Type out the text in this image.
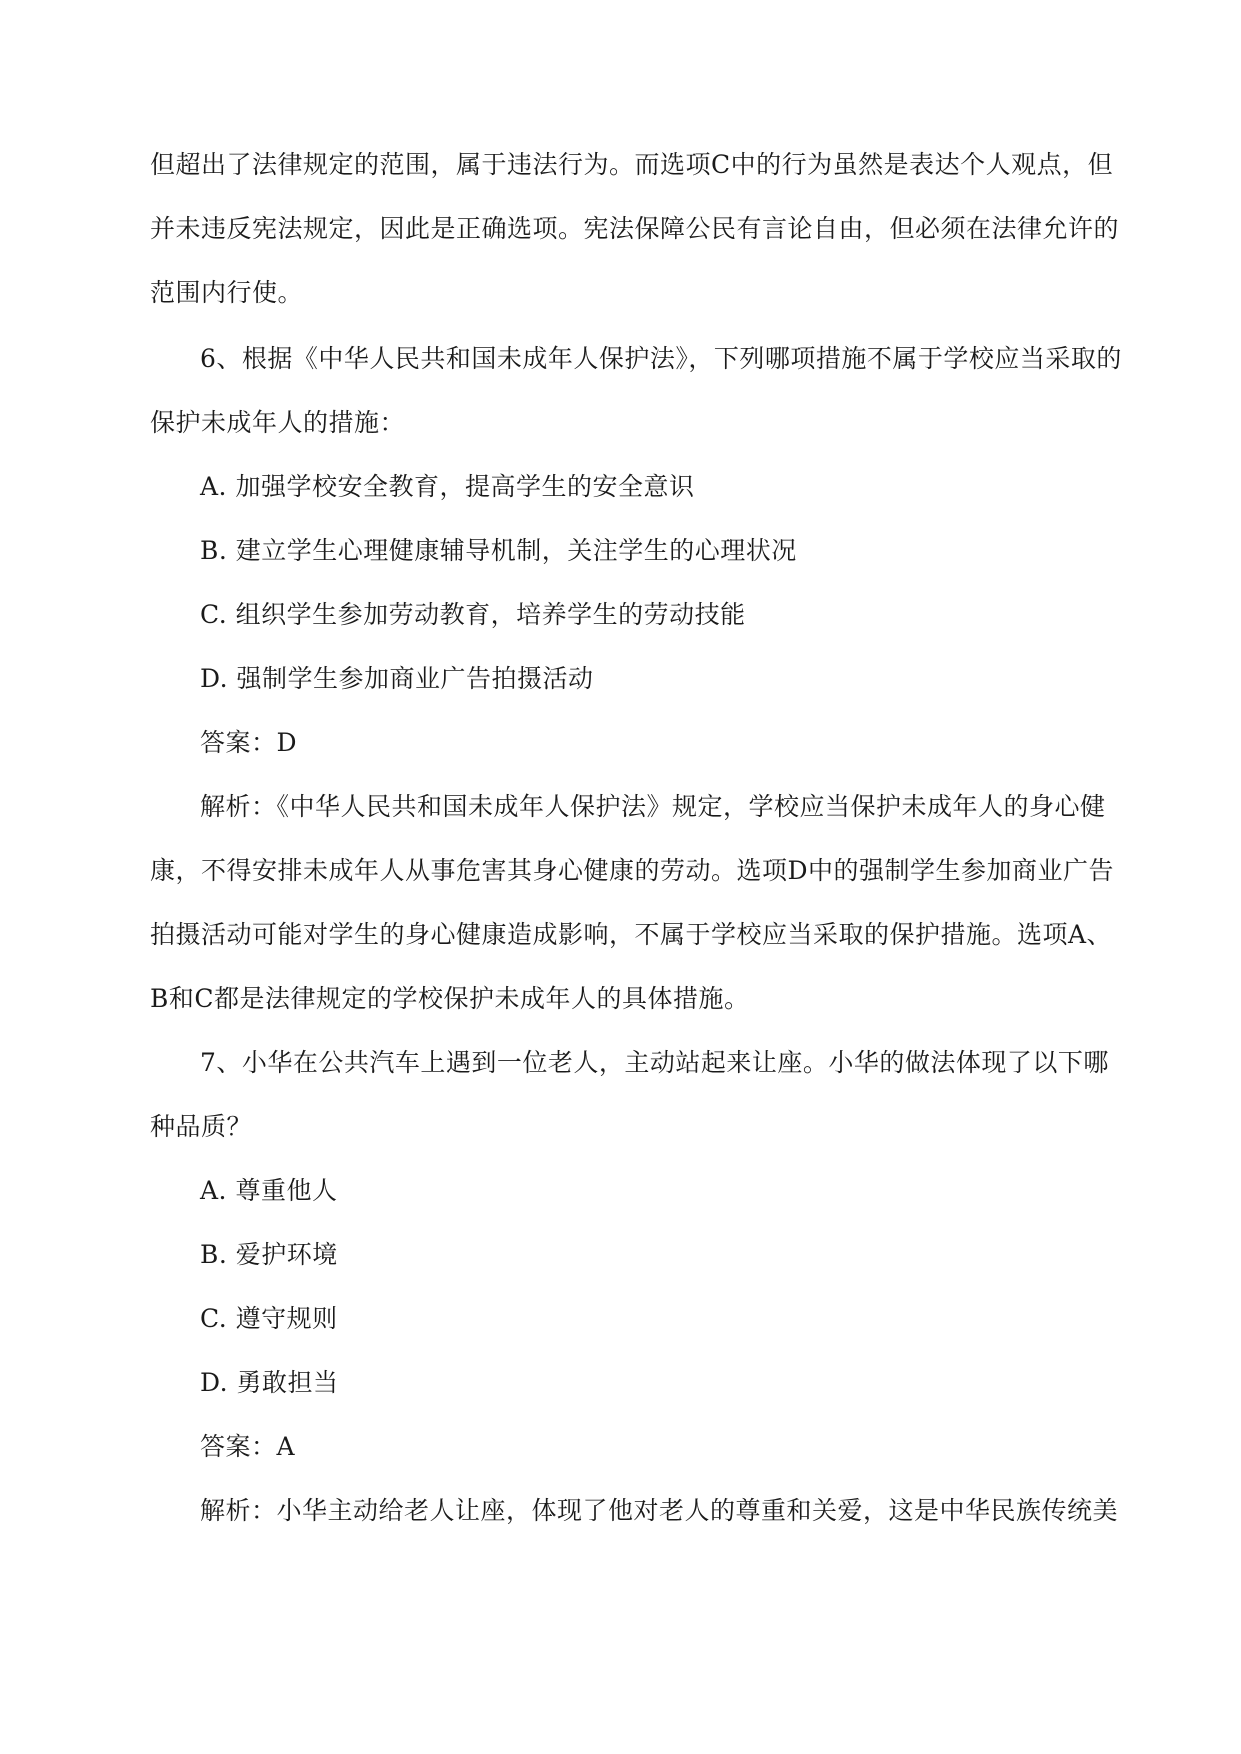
但超出了法律规定的范围，属于违法行为。而选项C中的行为虽然是表达个人观点，但
并未违反宪法规定，因此是正确选项。宪法保障公民有言论自由，但必须在法律允许的
范围内行使。
6、根据《中华人民共和国未成年人保护法》，下列哪项措施不属于学校应当采取的
保护未成年人的措施：
A. 加强学校安全教育，提高学生的安全意识
B. 建立学生心理健康辅导机制，关注学生的心理状况
C. 组织学生参加劳动教育，培养学生的劳动技能
D. 强制学生参加商业广告拍摄活动
答案：D
解析：《中华人民共和国未成年人保护法》规定，学校应当保护未成年人的身心健
康，不得安排未成年人从事危害其身心健康的劳动。选项D中的强制学生参加商业广告
拍摄活动可能对学生的身心健康造成影响，不属于学校应当采取的保护措施。选项A、
B和C都是法律规定的学校保护未成年人的具体措施。
7、小华在公共汽车上遇到一位老人，主动站起来让座。小华的做法体现了以下哪
种品质？
A. 尊重他人
B. 爱护环境
C. 遵守规则
D. 勇敢担当
答案：A
解析：小华主动给老人让座，体现了他对老人的尊重和关爱，这是中华民族传统美
